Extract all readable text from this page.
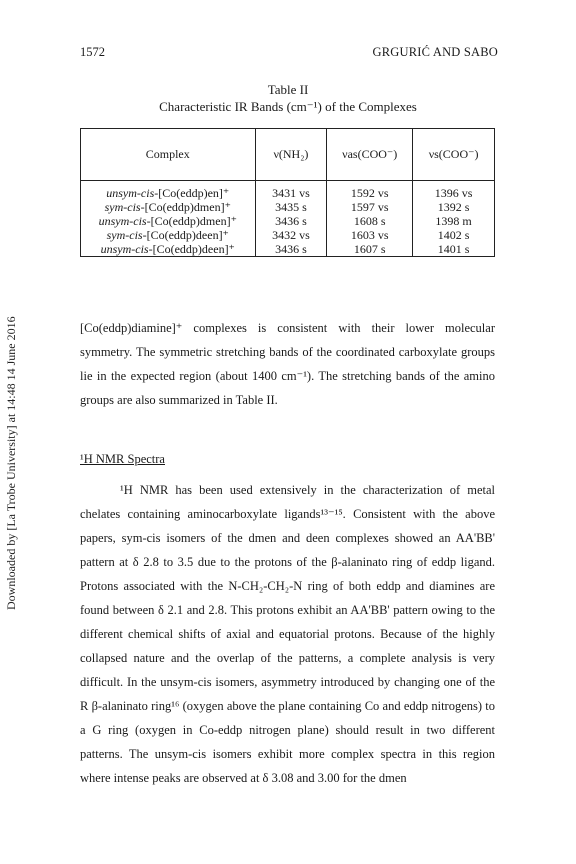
1572	GRGURIĆ AND SABO
Table II
Characteristic IR Bands (cm⁻¹) of the Complexes
Complex	ν(NH₂)	νas(COO⁻)	νs(COO⁻)

unsym-cis-[Co(eddp)en]⁺	3431 vs	1592 vs	1396 vs
sym-cis-[Co(eddp)dmen]⁺	3435 s	1597 vs	1392 s
unsym-cis-[Co(eddp)dmen]⁺	3436 s	1608 s	1398 m
sym-cis-[Co(eddp)deen]⁺	3432 vs	1603 vs	1402 s
unsym-cis-[Co(eddp)deen]⁺	3436 s	1607 s	1401 s
Downloaded by [La Trobe University] at 14:48 14 June 2016	[Co(eddp)diamine]⁺ complexes is consistent with their lower molecular symmetry. The symmetric stretching bands of the coordinated carboxylate groups lie in the expected region (about 1400 cm⁻¹). The stretching bands of the amino groups are also summarized in Table II.
¹H NMR Spectra
¹H NMR has been used extensively in the characterization of metal chelates containing aminocarboxylate ligands¹³⁻¹⁵. Consistent with the above papers, sym-cis isomers of the dmen and deen complexes showed an AA'BB' pattern at δ 2.8 to 3.5 due to the protons of the β-alaninato ring of eddp ligand. Protons associated with the N-CH₂-CH₂-N ring of both eddp and diamines are found between δ 2.1 and 2.8. This protons exhibit an AA'BB' pattern owing to the different chemical shifts of axial and equatorial protons. Because of the highly collapsed nature and the overlap of the patterns, a complete analysis is very difficult. In the unsym-cis isomers, asymmetry introduced by changing one of the R β-alaninato ring¹⁶ (oxygen above the plane containing Co and eddp nitrogens) to a G ring (oxygen in Co-eddp nitrogen plane) should result in two different patterns. The unsym-cis isomers exhibit more complex spectra in this region where intense peaks are observed at δ 3.08 and 3.00 for the dmen
